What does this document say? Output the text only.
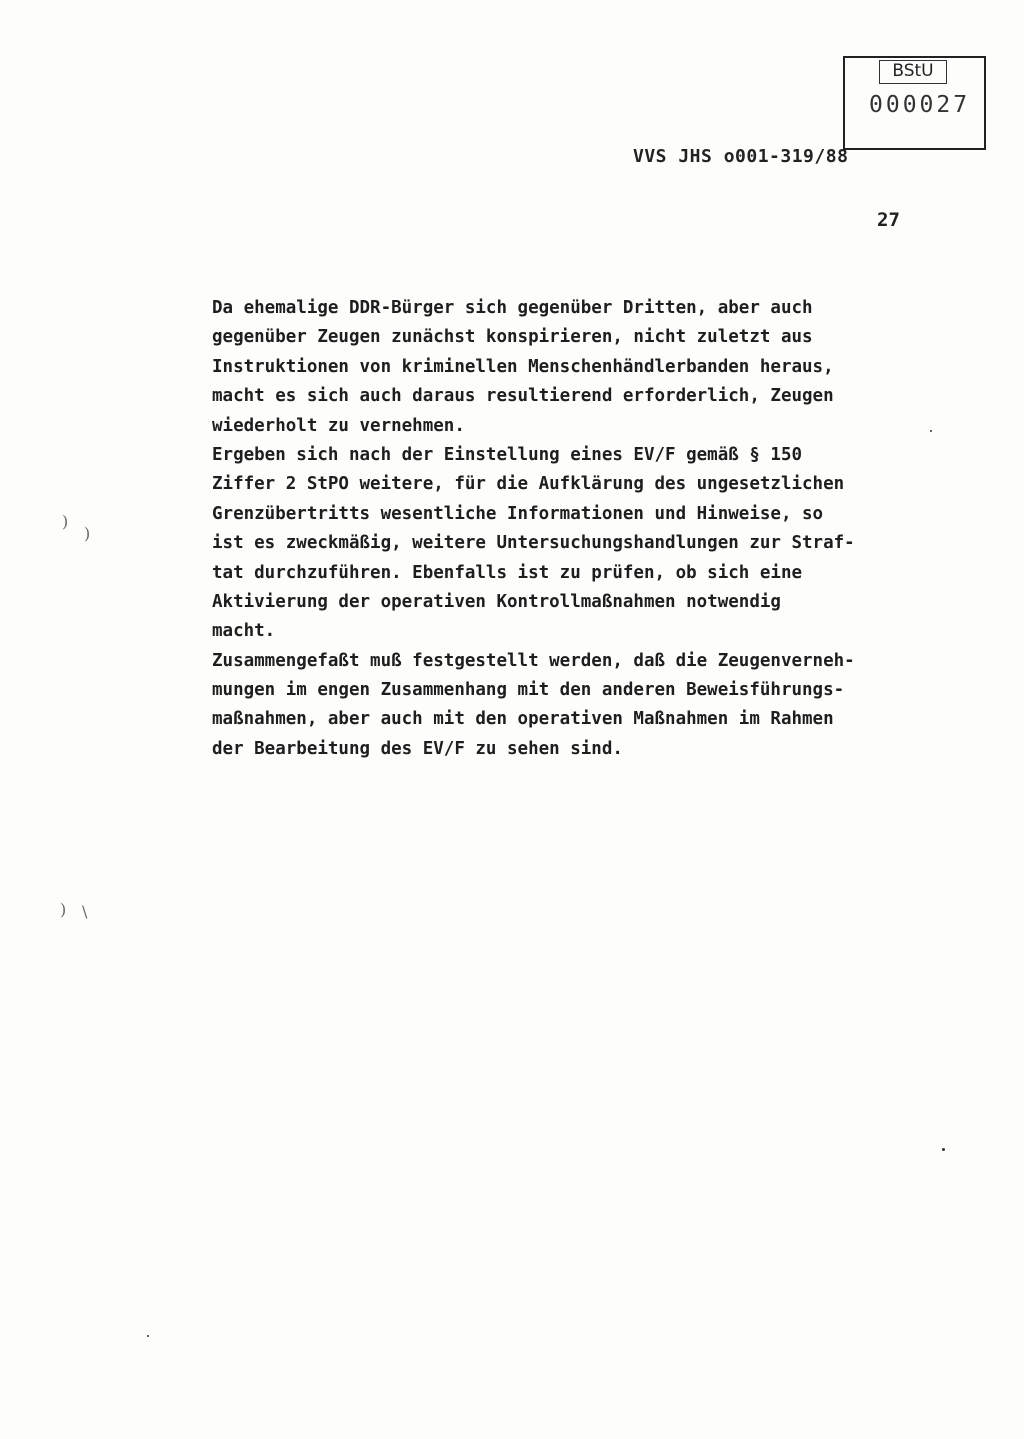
BStU
000027
VVS JHS o001-319/88
27
Da ehemalige DDR-Bürger sich gegenüber Dritten, aber auch
gegenüber Zeugen zunächst konspirieren, nicht zuletzt aus
Instruktionen von kriminellen Menschenhändlerbanden heraus,
macht es sich auch daraus resultierend erforderlich, Zeugen
wiederholt zu vernehmen.
Ergeben sich nach der Einstellung eines EV/F gemäß § 150
Ziffer 2 StPO weitere, für die Aufklärung des ungesetzlichen
Grenzübertritts wesentliche Informationen und Hinweise, so
ist es zweckmäßig, weitere Untersuchungshandlungen zur Straf-
tat durchzuführen. Ebenfalls ist zu prüfen, ob sich eine
Aktivierung der operativen Kontrollmaßnahmen notwendig
macht.
Zusammengefaßt muß festgestellt werden, daß die Zeugenverneh-
mungen im engen Zusammenhang mit den anderen Beweisführungs-
maßnahmen, aber auch mit den operativen Maßnahmen im Rahmen
der Bearbeitung des EV/F zu sehen sind.
)
)
) \
